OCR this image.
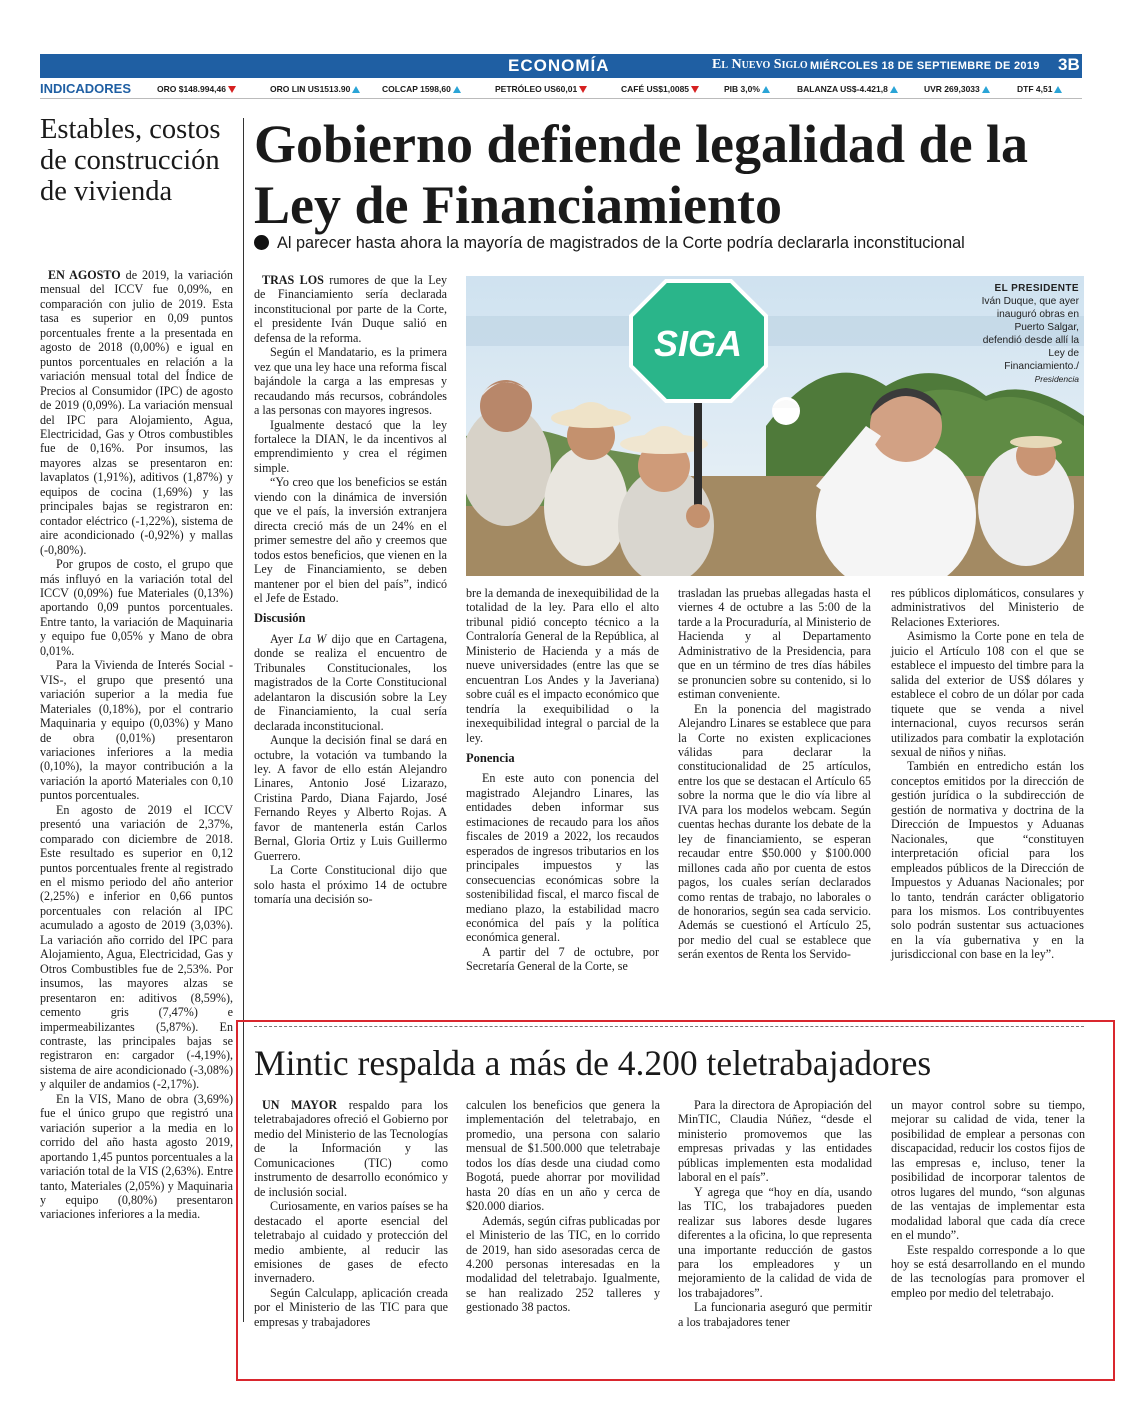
ECONOMÍA	El Nuevo Siglo MIÉRCOLES 18 DE SEPTIEMBRE DE 2019 3B
INDICADORES	ORO $148.994,46	ORO LIN US1513.90	COLCAP 1598,60	PETRÓLEO US60,01	CAFÉ US$1,0085	PIB 3,0%	BALANZA US$-4.421,8	UVR 269,3033	DTF 4,51
Estables, costos de construcción de vivienda

EN AGOSTO de 2019, la variación mensual del ICCV fue 0,09%, en comparación con julio de 2019. Esta tasa es superior en 0,09 puntos porcentuales frente a la presentada en agosto de 2018 (0,00%) e igual en puntos porcentuales en relación a la variación mensual total del Índice de Precios al Consumidor (IPC) de agosto de 2019 (0,09%). La variación mensual del IPC para Alojamiento, Agua, Electricidad, Gas y Otros combustibles fue de 0,16%. Por insumos, las mayores alzas se presentaron en: lavaplatos (1,91%), aditivos (1,87%) y equipos de cocina (1,69%) y las principales bajas se registraron en: contador eléctrico (-1,22%), sistema de aire acondicionado (-0,92%) y mallas (-0,80%).

Por grupos de costo, el grupo que más influyó en la variación total del ICCV (0,09%) fue Materiales (0,13%) aportando 0,09 puntos porcentuales. Entre tanto, la variación de Maquinaria y equipo fue 0,05% y Mano de obra 0,01%.

Para la Vivienda de Interés Social -VIS-, el grupo que presentó una variación superior a la media fue Materiales (0,18%), por el contrario Maquinaria y equipo (0,03%) y Mano de obra (0,01%) presentaron variaciones inferiores a la media (0,10%), la mayor contribución a la variación la aportó Materiales con 0,10 puntos porcentuales.

En agosto de 2019 el ICCV presentó una variación de 2,37%, comparado con diciembre de 2018. Este resultado es superior en 0,12 puntos porcentuales frente al registrado en el mismo periodo del año anterior (2,25%) e inferior en 0,66 puntos porcentuales con relación al IPC acumulado a agosto de 2019 (3,03%). La variación año corrido del IPC para Alojamiento, Agua, Electricidad, Gas y Otros Combustibles fue de 2,53%. Por insumos, las mayores alzas se presentaron en: aditivos (8,59%), cemento gris (7,47%) e impermeabilizantes (5,87%). En contraste, las principales bajas se registraron en: cargador (-4,19%), sistema de aire acondicionado (-3,08%) y alquiler de andamios (-2,17%).

En la VIS, Mano de obra (3,69%) fue el único grupo que registró una variación superior a la media en lo corrido del año hasta agosto 2019, aportando 1,45 puntos porcentuales a la variación total de la VIS (2,63%). Entre tanto, Materiales (2,05%) y Maquinaria y equipo (0,80%) presentaron variaciones inferiores a la media.

Gobierno defiende legalidad de la Ley de Financiamiento
Al parecer hasta ahora la mayoría de magistrados de la Corte podría declararla inconstitucional

TRAS LOS rumores de que la Ley de Financiamiento sería declarada inconstitucional por parte de la Corte, el presidente Iván Duque salió en defensa de la reforma.

Según el Mandatario, es la primera vez que una ley hace una reforma fiscal bajándole la carga a las empresas y recaudando más recursos, cobrándoles a las personas con mayores ingresos.

Igualmente destacó que la ley fortalece la DIAN, le da incentivos al emprendimiento y crea el régimen simple.

“Yo creo que los beneficios se están viendo con la dinámica de inversión que ve el país, la inversión extranjera directa creció más de un 24% en el primer semestre del año y creemos que todos estos beneficios, que vienen en la Ley de Financiamiento, se deben mantener por el bien del país”, indicó el Jefe de Estado.

Discusión

Ayer La W dijo que en Cartagena, donde se realiza el encuentro de Tribunales Constitucionales, los magistrados de la Corte Constitucional adelantaron la discusión sobre la Ley de Financiamiento, la cual sería declarada inconstitucional.

Aunque la decisión final se dará en octubre, la votación va tumbando la ley. A favor de ello están Alejandro Linares, Antonio José Lizarazo, Cristina Pardo, Diana Fajardo, José Fernando Reyes y Alberto Rojas. A favor de mantenerla están Carlos Bernal, Gloria Ortiz y Luis Guillermo Guerrero.

La Corte Constitucional dijo que solo hasta el próximo 14 de octubre tomaría una decisión so-

SIGA
EL PRESIDENTE
Iván Duque, que ayer inauguró obras en Puerto Salgar, defendió desde allí la Ley de Financiamiento./
Presidencia

bre la demanda de inexequibilidad de la totalidad de la ley. Para ello el alto tribunal pidió concepto técnico a la Contraloría General de la República, al Ministerio de Hacienda y a más de nueve universidades (entre las que se encuentran Los Andes y la Javeriana) sobre cuál es el impacto económico que tendría la exequibilidad o la inexequibilidad integral o parcial de la ley.

Ponencia

En este auto con ponencia del magistrado Alejandro Linares, las entidades deben informar sus estimaciones de recaudo para los años fiscales de 2019 a 2022, los recaudos esperados de ingresos tributarios en los principales impuestos y las consecuencias económicas sobre la sostenibilidad fiscal, el marco fiscal de mediano plazo, la estabilidad macro económica del país y la política económica general.

A partir del 7 de octubre, por Secretaría General de la Corte, se

trasladan las pruebas allegadas hasta el viernes 4 de octubre a las 5:00 de la tarde a la Procuraduría, al Ministerio de Hacienda y al Departamento Administrativo de la Presidencia, para que en un término de tres días hábiles se pronuncien sobre su contenido, si lo estiman conveniente.

En la ponencia del magistrado Alejandro Linares se establece que para la Corte no existen explicaciones válidas para declarar la constitucionalidad de 25 artículos, entre los que se destacan el Artículo 65 sobre la norma que le dio vía libre al IVA para los modelos webcam. Según cuentas hechas durante los debate de la ley de financiamiento, se esperan recaudar entre $50.000 y $100.000 millones cada año por cuenta de estos pagos, los cuales serían declarados como rentas de trabajo, no laborales o de honorarios, según sea cada servicio. Además se cuestionó el Artículo 25, por medio del cual se establece que serán exentos de Renta los Servido-

res públicos diplomáticos, consulares y administrativos del Ministerio de Relaciones Exteriores.

Asimismo la Corte pone en tela de juicio el Artículo 108 con el que se establece el impuesto del timbre para la salida del exterior de US$ dólares y establece el cobro de un dólar por cada tiquete que se venda a nivel internacional, cuyos recursos serán utilizados para combatir la explotación sexual de niños y niñas.

También en entredicho están los conceptos emitidos por la dirección de gestión jurídica o la subdirección de gestión de normativa y doctrina de la Dirección de Impuestos y Aduanas Nacionales, que “constituyen interpretación oficial para los empleados públicos de la Dirección de Impuestos y Aduanas Nacionales; por lo tanto, tendrán carácter obligatorio para los mismos. Los contribuyentes solo podrán sustentar sus actuaciones en la vía gubernativa y en la jurisdiccional con base en la ley”.

Mintic respalda a más de 4.200 teletrabajadores

UN MAYOR respaldo para los teletrabajadores ofreció el Gobierno por medio del Ministerio de las Tecnologías de la Información y las Comunicaciones (TIC) como instrumento de desarrollo económico y de inclusión social.

Curiosamente, en varios países se ha destacado el aporte esencial del teletrabajo al cuidado y protección del medio ambiente, al reducir las emisiones de gases de efecto invernadero.

Según Calculapp, aplicación creada por el Ministerio de las TIC para que empresas y trabajadores

calculen los beneficios que genera la implementación del teletrabajo, en promedio, una persona con salario mensual de $1.500.000 que teletrabaje todos los días desde una ciudad como Bogotá, puede ahorrar por movilidad hasta 20 días en un año y cerca de $20.000 diarios.

Además, según cifras publicadas por el Ministerio de las TIC, en lo corrido de 2019, han sido asesoradas cerca de 4.200 personas interesadas en la modalidad del teletrabajo. Igualmente, se han realizado 252 talleres y gestionado 38 pactos.

Para la directora de Apropiación del MinTIC, Claudia Núñez, “desde el ministerio promovemos que las empresas privadas y las entidades públicas implementen esta modalidad laboral en el país”.

Y agrega que “hoy en día, usando las TIC, los trabajadores pueden realizar sus labores desde lugares diferentes a la oficina, lo que representa una importante reducción de gastos para los empleadores y un mejoramiento de la calidad de vida de los trabajadores”.

La funcionaria aseguró que permitir a los trabajadores tener

un mayor control sobre su tiempo, mejorar su calidad de vida, tener la posibilidad de emplear a personas con discapacidad, reducir los costos fijos de las empresas e, incluso, tener la posibilidad de incorporar talentos de otros lugares del mundo, “son algunas de las ventajas de implementar esta modalidad laboral que cada día crece en el mundo”.

Este respaldo corresponde a lo que hoy se está desarrollando en el mundo de las tecnologías para promover el empleo por medio del teletrabajo.
